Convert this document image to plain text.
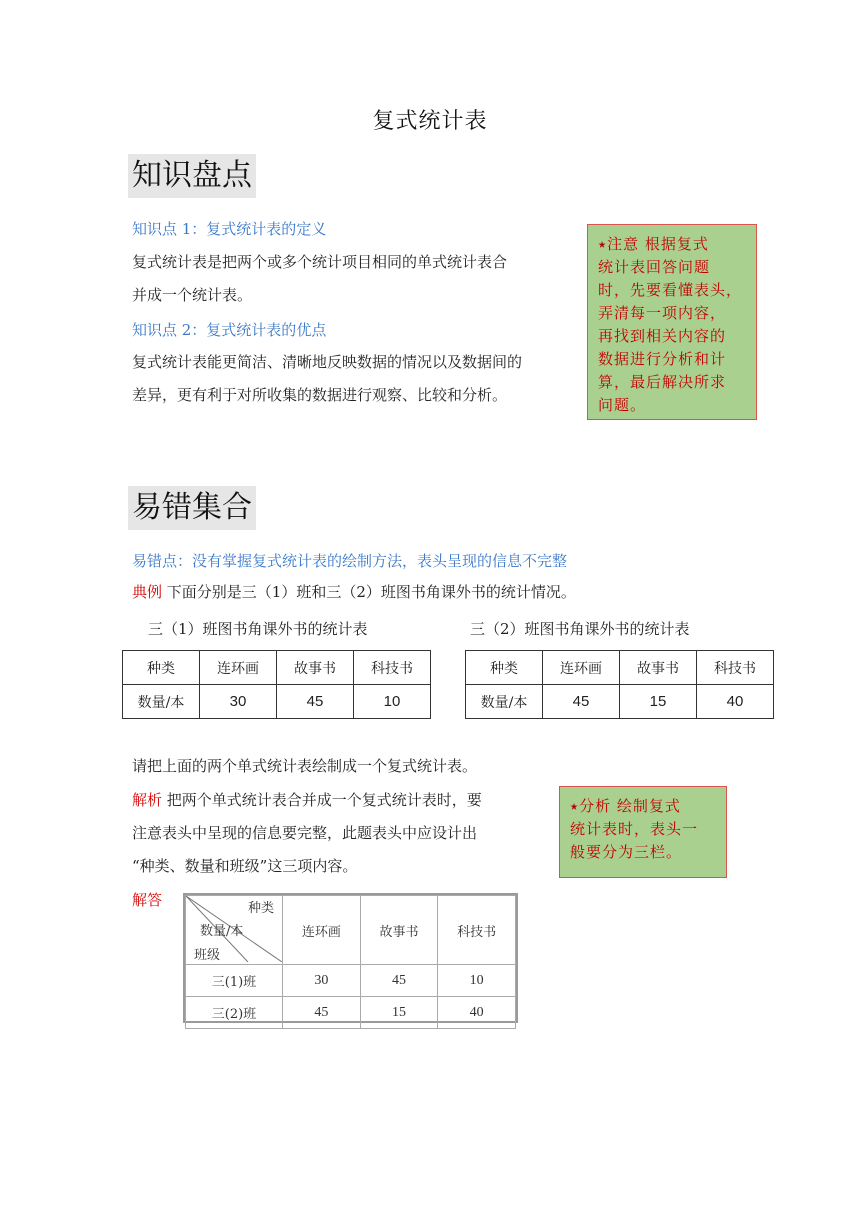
复式统计表
知识盘点
知识点 1：复式统计表的定义
复式统计表是把两个或多个统计项目相同的单式统计表合
并成一个统计表。
知识点 2：复式统计表的优点
复式统计表能更简洁、清晰地反映数据的情况以及数据间的
差异，更有利于对所收集的数据进行观察、比较和分析。
⭑注意 根据复式
统计表回答问题
时，先要看懂表头，
弄清每一项内容，
再找到相关内容的
数据进行分析和计
算，最后解决所求
问题。
易错集合
易错点：没有掌握复式统计表的绘制方法，表头呈现的信息不完整
典例 下面分别是三（1）班和三（2）班图书角课外书的统计情况。
三（1）班图书角课外书的统计表
种类	连环画	故事书	科技书
数量/本	30	45	10
三（2）班图书角课外书的统计表
种类	连环画	故事书	科技书
数量/本	45	15	40
请把上面的两个单式统计表绘制成一个复式统计表。
解析 把两个单式统计表合并成一个复式统计表时，要
注意表头中呈现的信息要完整，此题表头中应设计出
“种类、数量和班级”这三项内容。
⭑分析 绘制复式
统计表时，表头一
般要分为三栏。
解答	种类
数量/本
班级	连环画	故事书	科技书
三(1)班	30	45	10
三(2)班	45	15	40
